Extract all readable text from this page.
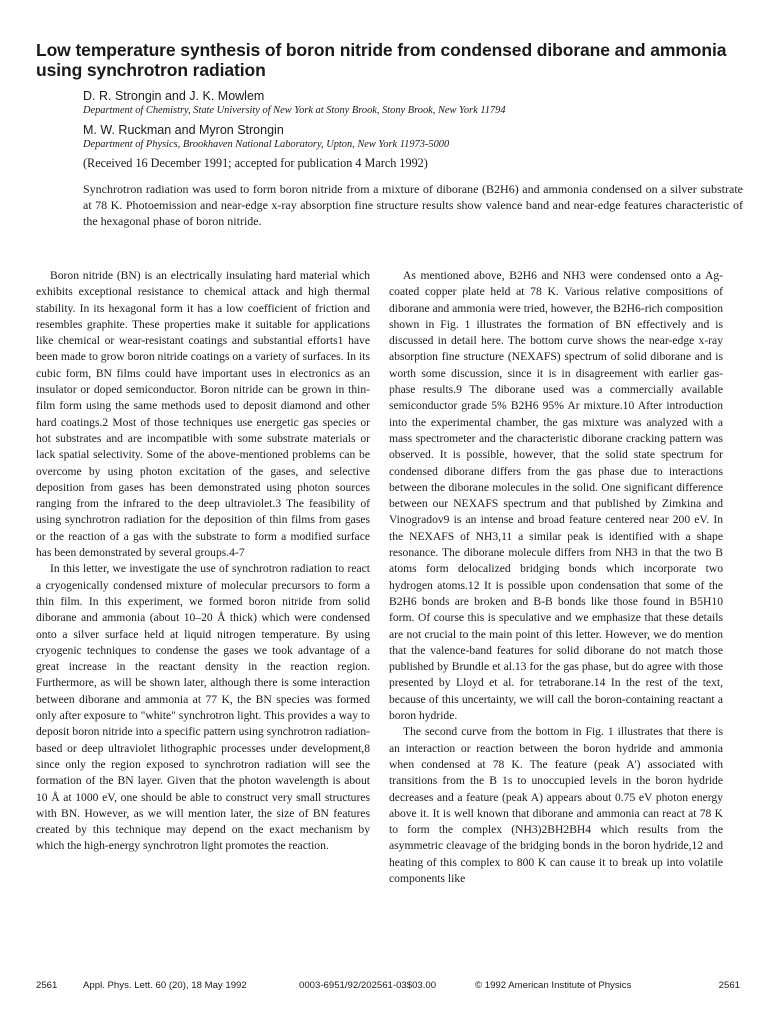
Low temperature synthesis of boron nitride from condensed diborane and ammonia using synchrotron radiation
D. R. Strongin and J. K. Mowlem
Department of Chemistry, State University of New York at Stony Brook, Stony Brook, New York 11794
M. W. Ruckman and Myron Strongin
Department of Physics, Brookhaven National Laboratory, Upton, New York 11973-5000
(Received 16 December 1991; accepted for publication 4 March 1992)

Synchrotron radiation was used to form boron nitride from a mixture of diborane (B2H6) and ammonia condensed on a silver substrate at 78 K. Photoemission and near-edge x-ray absorption fine structure results show valence band and near-edge features characteristic of the hexagonal phase of boron nitride.

Boron nitride (BN) is an electrically insulating hard material which exhibits exceptional resistance to chemical attack and high thermal stability. In its hexagonal form it has a low coefficient of friction and resembles graphite. These properties make it suitable for applications like chemical or wear-resistant coatings and substantial efforts1 have been made to grow boron nitride coatings on a variety of surfaces. In its cubic form, BN films could have important uses in electronics as an insulator or doped semiconductor. Boron nitride can be grown in thin-film form using the same methods used to deposit diamond and other hard coatings.2 Most of those techniques use energetic gas species or hot substrates and are incompatible with some substrate materials or lack spatial selectivity. Some of the above-mentioned problems can be overcome by using photon excitation of the gases, and selective deposition from gases has been demonstrated using photon sources ranging from the infrared to the deep ultraviolet.3 The feasibility of using synchrotron radiation for the deposition of thin films from gases or the reaction of a gas with the substrate to form a modified surface has been demonstrated by several groups.4-7

In this letter, we investigate the use of synchrotron radiation to react a cryogenically condensed mixture of molecular precursors to form a thin film. In this experiment, we formed boron nitride from solid diborane and ammonia (about 10–20 Å thick) which were condensed onto a silver surface held at liquid nitrogen temperature. By using cryogenic techniques to condense the gases we took advantage of a great increase in the reactant density in the reaction region. Furthermore, as will be shown later, although there is some interaction between diborane and ammonia at 77 K, the BN species was formed only after exposure to "white" synchrotron light. This provides a way to deposit boron nitride into a specific pattern using synchrotron radiation-based or deep ultraviolet lithographic processes under development,8 since only the region exposed to synchrotron radiation will see the formation of the BN layer. Given that the photon wavelength is about 10 Å at 1000 eV, one should be able to construct very small structures with BN. However, as we will mention later, the size of BN features created by this technique may depend on the exact mechanism by which the high-energy synchrotron light promotes the reaction.

As mentioned above, B2H6 and NH3 were condensed onto a Ag-coated copper plate held at 78 K. Various relative compositions of diborane and ammonia were tried, however, the B2H6-rich composition shown in Fig. 1 illustrates the formation of BN effectively and is discussed in detail here. The bottom curve shows the near-edge x-ray absorption fine structure (NEXAFS) spectrum of solid diborane and is worth some discussion, since it is in disagreement with earlier gas-phase results.9 The diborane used was a commercially available semiconductor grade 5% B2H6 95% Ar mixture.10 After introduction into the experimental chamber, the gas mixture was analyzed with a mass spectrometer and the characteristic diborane cracking pattern was observed. It is possible, however, that the solid state spectrum for condensed diborane differs from the gas phase due to interactions between the diborane molecules in the solid. One significant difference between our NEXAFS spectrum and that published by Zimkina and Vinogradov9 is an intense and broad feature centered near 200 eV. In the NEXAFS of NH3,11 a similar peak is identified with a shape resonance. The diborane molecule differs from NH3 in that the two B atoms form delocalized bridging bonds which incorporate two hydrogen atoms.12 It is possible upon condensation that some of the B2H6 bonds are broken and B-B bonds like those found in B5H10 form. Of course this is speculative and we emphasize that these details are not crucial to the main point of this letter. However, we do mention that the valence-band features for solid diborane do not match those published by Brundle et al.13 for the gas phase, but do agree with those presented by Lloyd et al. for tetraborane.14 In the rest of the text, because of this uncertainty, we will call the boron-containing reactant a boron hydride.

The second curve from the bottom in Fig. 1 illustrates that there is an interaction or reaction between the boron hydride and ammonia when condensed at 78 K. The feature (peak A') associated with transitions from the B 1s to unoccupied levels in the boron hydride decreases and a feature (peak A) appears about 0.75 eV photon energy above it. It is well known that diborane and ammonia can react at 78 K to form the complex (NH3)2BH2BH4 which results from the asymmetric cleavage of the bridging bonds in the boron hydride,12 and heating of this complex to 800 K can cause it to break up into volatile components like

2561	Appl. Phys. Lett. 60 (20), 18 May 1992	0003-6951/92/202561-03$03.00	© 1992 American Institute of Physics	2561
